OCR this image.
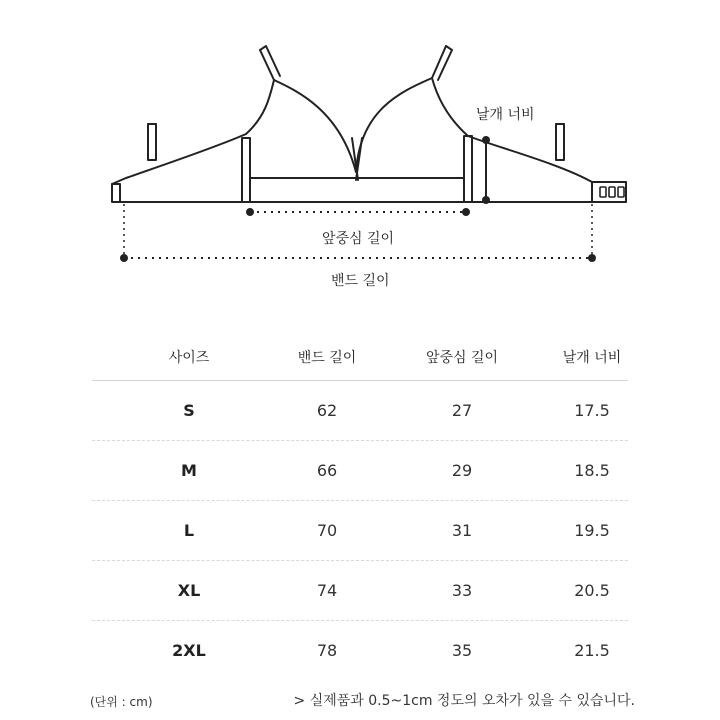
날개 너비
앞중심 길이
밴드 길이
사이즈	밴드 길이	앞중심 길이	날개 너비
S	62	27	17.5
M	66	29	18.5
L	70	31	19.5
XL	74	33	20.5
2XL	78	35	21.5
(단위 : cm)	> 실제품과 0.5~1cm 정도의 오차가 있을 수 있습니다.
